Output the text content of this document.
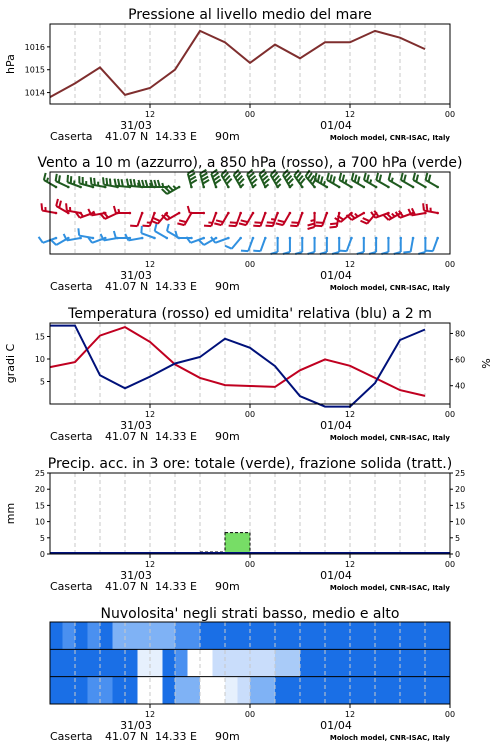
Pressione al livello medio del mare
1014
1015
1016
hPa
12	00	12	00
31/03	01/04
Caserta 41.07 N 14.33 E 90m	Moloch model, CNR-ISAC, Italy
Vento a 10 m (azzurro), a 850 hPa (rosso), a 700 hPa (verde)
12	00	12	00
31/03	01/04
Caserta 41.07 N 14.33 E 90m	Moloch model, CNR-ISAC, Italy
Temperatura (rosso) ed umidita' relativa (blu) a 2 m
5
10
15
40
60
80
gradi C	%
12	00	12	00
31/03	01/04
Caserta 41.07 N 14.33 E 90m	Moloch model, CNR-ISAC, Italy
Precip. acc. in 3 ore: totale (verde), frazione solida (tratt.)
0	0
5	5
10	10
15	15
20	20
25	25
mm
12	00	12	00
31/03	01/04
Caserta 41.07 N 14.33 E 90m	Moloch model, CNR-ISAC, Italy
Nuvolosita' negli strati basso, medio e alto
12	00	12	00
31/03	01/04
Caserta 41.07 N 14.33 E 90m	Moloch model, CNR-ISAC, Italy
